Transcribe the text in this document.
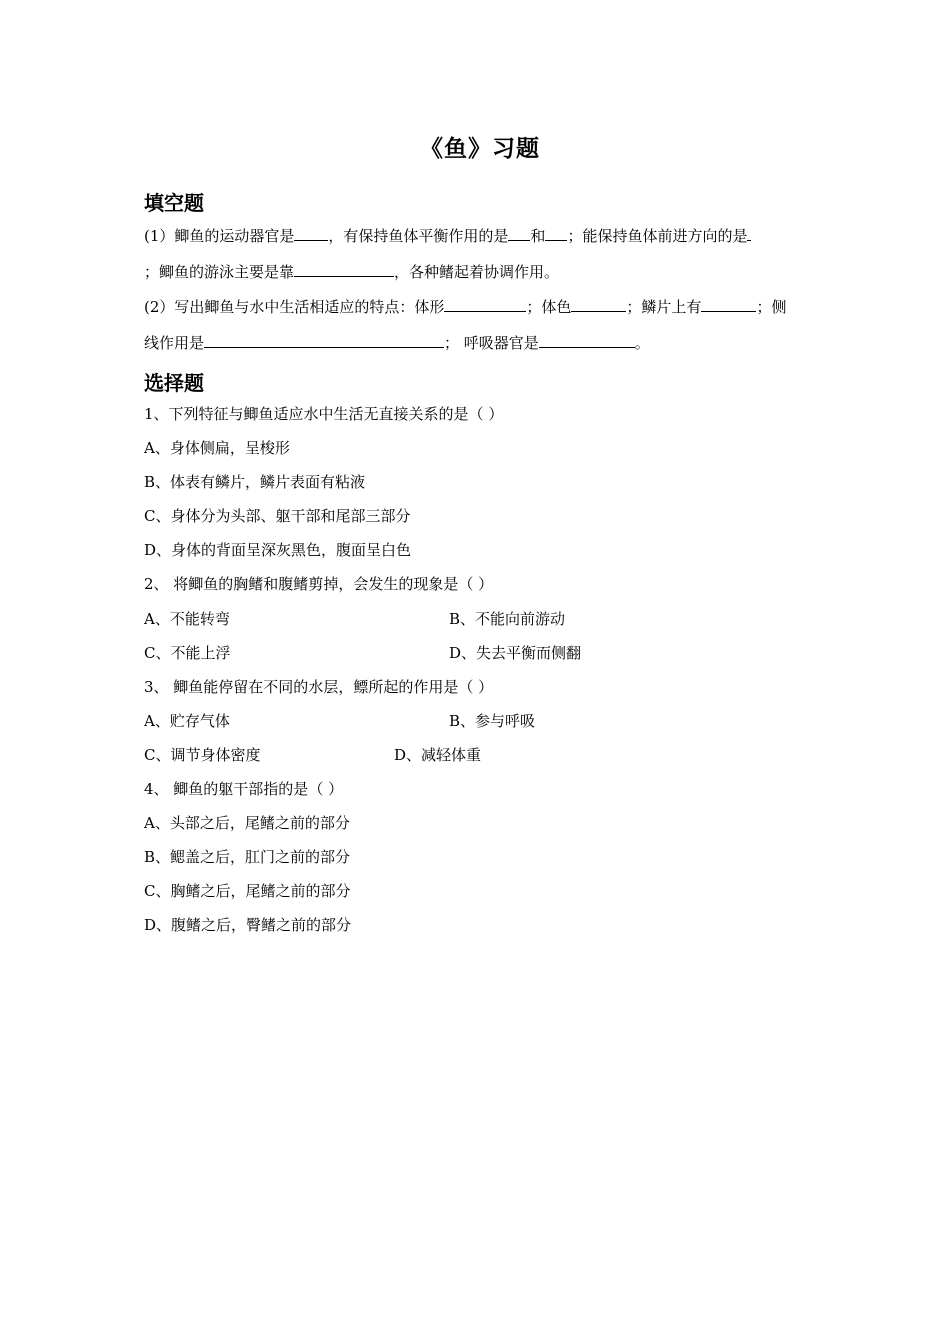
《鱼》习题
填空题
(1）鲫鱼的运动器官是 ，有保持鱼体平衡作用的是 和 ；能保持鱼体前进方向的是
；鲫鱼的游泳主要是靠	，各种鳍起着协调作用。
(2）写出鲫鱼与水中生活相适应的特点：体形	；体色	；鳞片上有	；侧
线作用是	； 呼吸器官是	。
选择题
1、下列特征与鲫鱼适应水中生活无直接关系的是（ ）
A、身体侧扁，呈梭形
B、体表有鳞片，鳞片表面有粘液
C、身体分为头部、躯干部和尾部三部分
D、身体的背面呈深灰黑色，腹面呈白色
2、 将鲫鱼的胸鳍和腹鳍剪掉，会发生的现象是（ ）
A、不能转弯	B、不能向前游动
C、不能上浮	D、失去平衡而侧翻
3、 鲫鱼能停留在不同的水层，鳔所起的作用是（ ）
A、贮存气体	B、参与呼吸
C、调节身体密度	D、减轻体重
4、 鲫鱼的躯干部指的是（ ）
A、头部之后，尾鳍之前的部分
B、鳃盖之后，肛门之前的部分
C、胸鳍之后，尾鳍之前的部分
D、腹鳍之后，臀鳍之前的部分
